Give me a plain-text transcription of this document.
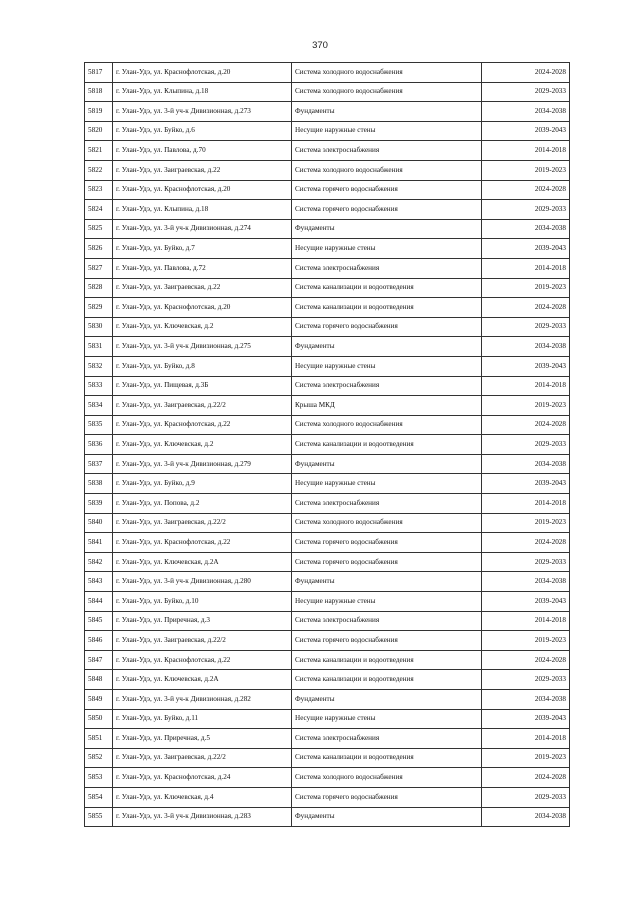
370
5817	г. Улан-Удэ, ул. Краснофлотская, д.20	Система холодного водоснабжения	2024-2028
5818	г. Улан-Удэ, ул. Клыпина, д.18	Система холодного водоснабжения	2029-2033
5819	г. Улан-Удэ, ул. 3-й уч-к Дивизионная, д.273	Фундаменты	2034-2038
5820	г. Улан-Удэ, ул. Буйко, д.6	Несущие наружные стены	2039-2043
5821	г. Улан-Удэ, ул. Павлова, д.70	Система электроснабжения	2014-2018
5822	г. Улан-Удэ, ул. Заиграевская, д.22	Система холодного водоснабжения	2019-2023
5823	г. Улан-Удэ, ул. Краснофлотская, д.20	Система горячего водоснабжения	2024-2028
5824	г. Улан-Удэ, ул. Клыпина, д.18	Система горячего водоснабжения	2029-2033
5825	г. Улан-Удэ, ул. 3-й уч-к Дивизионная, д.274	Фундаменты	2034-2038
5826	г. Улан-Удэ, ул. Буйко, д.7	Несущие наружные стены	2039-2043
5827	г. Улан-Удэ, ул. Павлова, д.72	Система электроснабжения	2014-2018
5828	г. Улан-Удэ, ул. Заиграевская, д.22	Система канализации и водоотведения	2019-2023
5829	г. Улан-Удэ, ул. Краснофлотская, д.20	Система канализации и водоотведения	2024-2028
5830	г. Улан-Удэ, ул. Ключевская, д.2	Система горячего водоснабжения	2029-2033
5831	г. Улан-Удэ, ул. 3-й уч-к Дивизионная, д.275	Фундаменты	2034-2038
5832	г. Улан-Удэ, ул. Буйко, д.8	Несущие наружные стены	2039-2043
5833	г. Улан-Удэ, ул. Пищевая, д.3Б	Система электроснабжения	2014-2018
5834	г. Улан-Удэ, ул. Заиграевская, д.22/2	Крыша МКД	2019-2023
5835	г. Улан-Удэ, ул. Краснофлотская, д.22	Система холодного водоснабжения	2024-2028
5836	г. Улан-Удэ, ул. Ключевская, д.2	Система канализации и водоотведения	2029-2033
5837	г. Улан-Удэ, ул. 3-й уч-к Дивизионная, д.279	Фундаменты	2034-2038
5838	г. Улан-Удэ, ул. Буйко, д.9	Несущие наружные стены	2039-2043
5839	г. Улан-Удэ, ул. Попова, д.2	Система электроснабжения	2014-2018
5840	г. Улан-Удэ, ул. Заиграевская, д.22/2	Система холодного водоснабжения	2019-2023
5841	г. Улан-Удэ, ул. Краснофлотская, д.22	Система горячего водоснабжения	2024-2028
5842	г. Улан-Удэ, ул. Ключевская, д.2А	Система горячего водоснабжения	2029-2033
5843	г. Улан-Удэ, ул. 3-й уч-к Дивизионная, д.280	Фундаменты	2034-2038
5844	г. Улан-Удэ, ул. Буйко, д.10	Несущие наружные стены	2039-2043
5845	г. Улан-Удэ, ул. Приречная, д.3	Система электроснабжения	2014-2018
5846	г. Улан-Удэ, ул. Заиграевская, д.22/2	Система горячего водоснабжения	2019-2023
5847	г. Улан-Удэ, ул. Краснофлотская, д.22	Система канализации и водоотведения	2024-2028
5848	г. Улан-Удэ, ул. Ключевская, д.2А	Система канализации и водоотведения	2029-2033
5849	г. Улан-Удэ, ул. 3-й уч-к Дивизионная, д.282	Фундаменты	2034-2038
5850	г. Улан-Удэ, ул. Буйко, д.11	Несущие наружные стены	2039-2043
5851	г. Улан-Удэ, ул. Приречная, д.5	Система электроснабжения	2014-2018
5852	г. Улан-Удэ, ул. Заиграевская, д.22/2	Система канализации и водоотведения	2019-2023
5853	г. Улан-Удэ, ул. Краснофлотская, д.24	Система холодного водоснабжения	2024-2028
5854	г. Улан-Удэ, ул. Ключевская, д.4	Система горячего водоснабжения	2029-2033
5855	г. Улан-Удэ, ул. 3-й уч-к Дивизионная, д.283	Фундаменты	2034-2038
